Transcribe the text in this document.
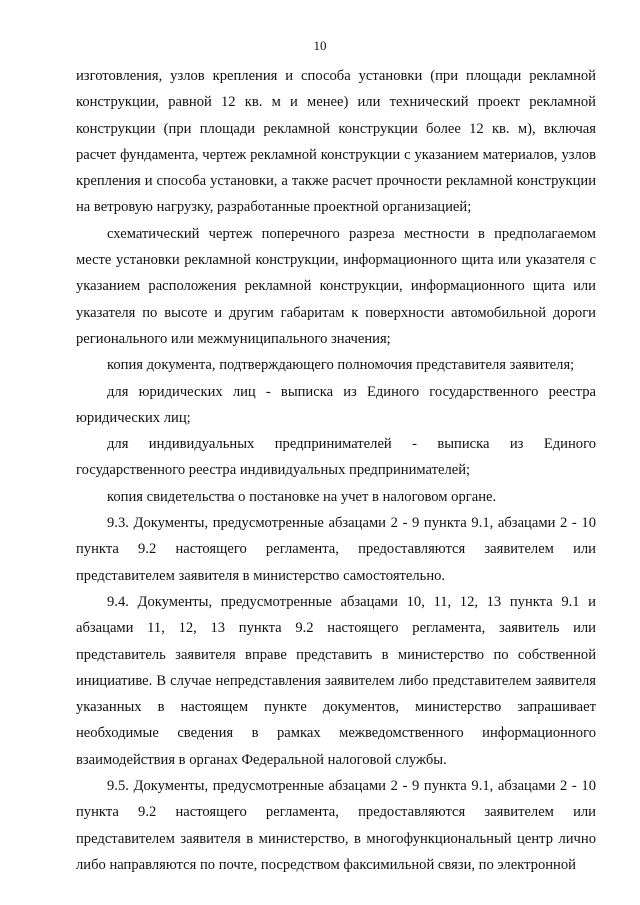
10

изготовления, узлов крепления и способа установки (при площади рекламной конструкции, равной 12 кв. м и менее) или технический проект рекламной конструкции (при площади рекламной конструкции более 12 кв. м), включая расчет фундамента, чертеж рекламной конструкции с указанием материалов, узлов крепления и способа установки, а также расчет прочности рекламной конструкции на ветровую нагрузку, разработанные проектной организацией;

схематический чертеж поперечного разреза местности в предполагаемом месте установки рекламной конструкции, информационного щита или указателя с указанием расположения рекламной конструкции, информационного щита или указателя по высоте и другим габаритам к поверхности автомобильной дороги регионального или межмуниципального значения;

копия документа, подтверждающего полномочия представителя заявителя;

для юридических лиц - выписка из Единого государственного реестра юридических лиц;

для индивидуальных предпринимателей - выписка из Единого государственного реестра индивидуальных предпринимателей;

копия свидетельства о постановке на учет в налоговом органе.

9.3. Документы, предусмотренные абзацами 2 - 9 пункта 9.1, абзацами 2 - 10 пункта 9.2 настоящего регламента, предоставляются заявителем или представителем заявителя в министерство самостоятельно.

9.4. Документы, предусмотренные абзацами 10, 11, 12, 13 пункта 9.1 и абзацами 11, 12, 13 пункта 9.2 настоящего регламента, заявитель или представитель заявителя вправе представить в министерство по собственной инициативе. В случае непредставления заявителем либо представителем заявителя указанных в настоящем пункте документов, министерство запрашивает необходимые сведения в рамках межведомственного информационного взаимодействия в органах Федеральной налоговой службы.

9.5. Документы, предусмотренные абзацами 2 - 9 пункта 9.1, абзацами 2 - 10 пункта 9.2 настоящего регламента, предоставляются заявителем или представителем заявителя в министерство, в многофункциональный центр лично либо направляются по почте, посредством факсимильной связи, по электронной
